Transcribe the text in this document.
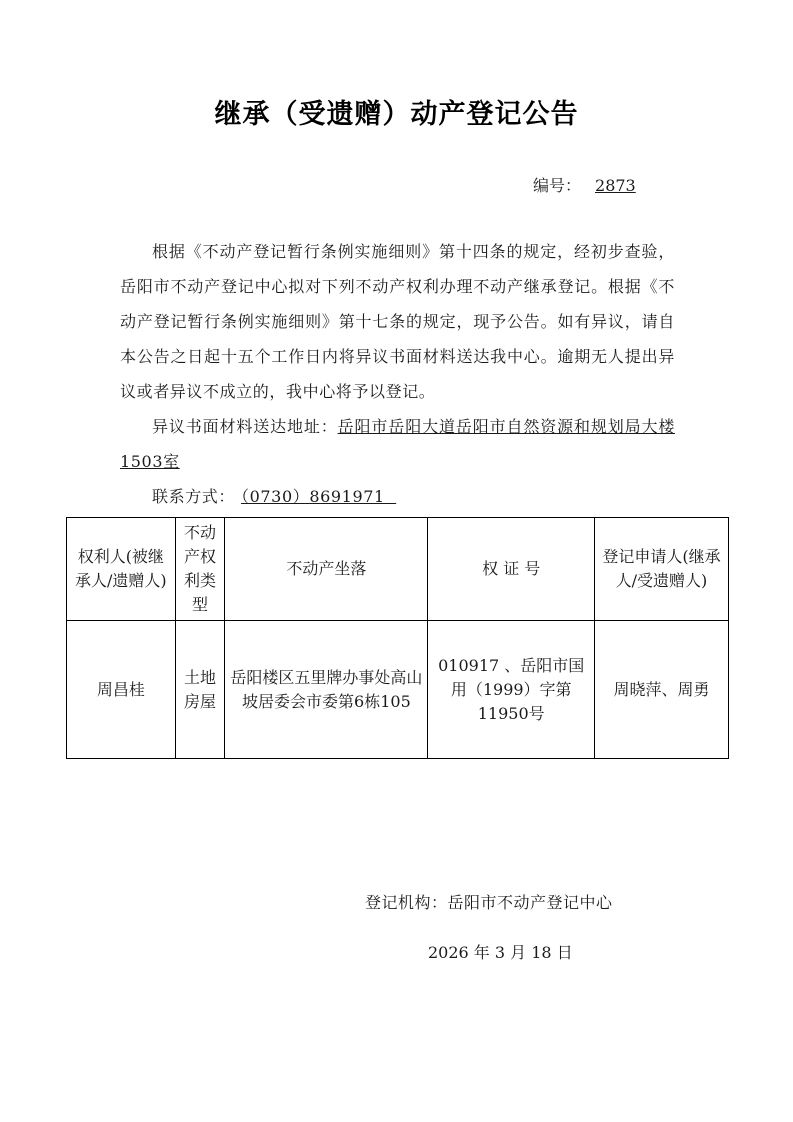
继承（受遗赠）动产登记公告
编号： 2873

根据《不动产登记暂行条例实施细则》第十四条的规定，经初步查验，岳阳市不动产登记中心拟对下列不动产权利办理不动产继承登记。根据《不动产登记暂行条例实施细则》第十七条的规定，现予公告。如有异议，请自本公告之日起十五个工作日内将异议书面材料送达我中心。逾期无人提出异议或者异议不成立的，我中心将予以登记。

异议书面材料送达地址：岳阳市岳阳大道岳阳市自然资源和规划局大楼1503室

联系方式： （0730）8691971

权利人(被继承人/遗赠人)	不动产权利类型	不动产坐落	权 证 号	登记申请人(继承人/受遗赠人)
周昌桂	土地房屋	岳阳楼区五里牌办事处高山坡居委会市委第6栋105	010917 、岳阳市国用（1999）字第11950号	周晓萍、周勇
登记机构：岳阳市不动产登记中心
2026 年 3 月 18 日
